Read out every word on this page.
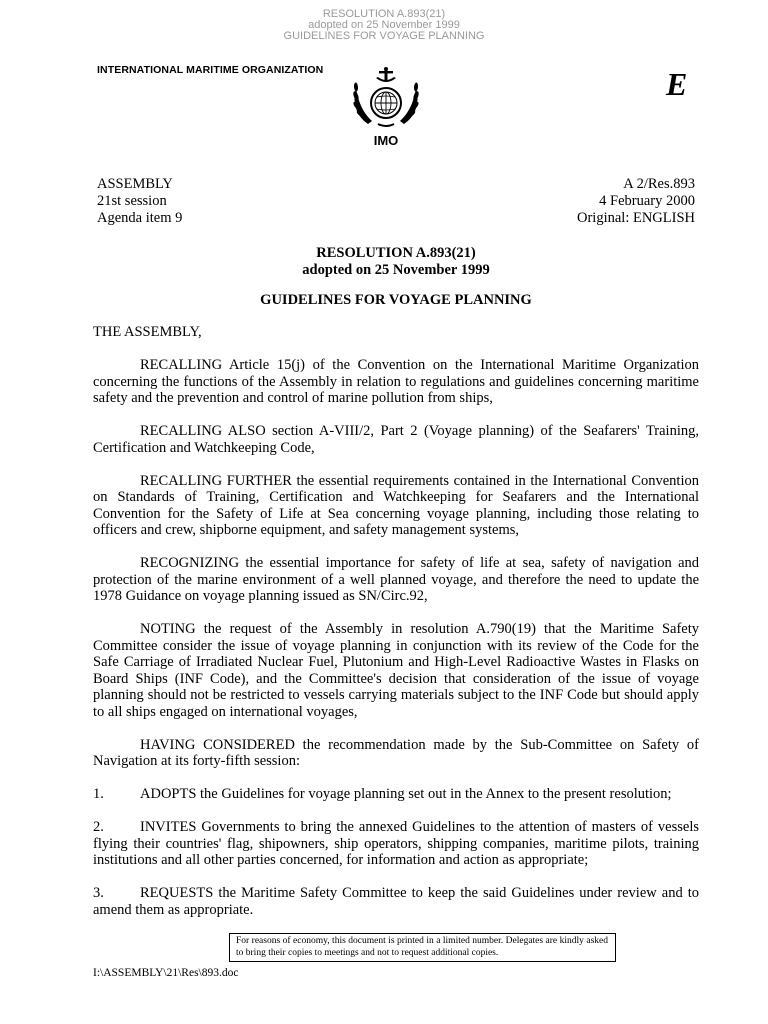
RESOLUTION A.893(21)
adopted on 25 November 1999
GUIDELINES FOR VOYAGE PLANNING
INTERNATIONAL MARITIME ORGANIZATION
IMO
E
ASSEMBLY
21st session
Agenda item 9
A 2/Res.893
4 February 2000
Original: ENGLISH
RESOLUTION A.893(21)
adopted on 25 November 1999
GUIDELINES FOR VOYAGE PLANNING

THE ASSEMBLY,

RECALLING Article 15(j) of the Convention on the International Maritime Organization concerning the functions of the Assembly in relation to regulations and guidelines concerning maritime safety and the prevention and control of marine pollution from ships,

RECALLING ALSO section A-VIII/2, Part 2 (Voyage planning) of the Seafarers' Training, Certification and Watchkeeping Code,

RECALLING FURTHER the essential requirements contained in the International Convention on Standards of Training, Certification and Watchkeeping for Seafarers and the International Convention for the Safety of Life at Sea concerning voyage planning, including those relating to officers and crew, shipborne equipment, and safety management systems,

RECOGNIZING the essential importance for safety of life at sea, safety of navigation and protection of the marine environment of a well planned voyage, and therefore the need to update the 1978 Guidance on voyage planning issued as SN/Circ.92,

NOTING the request of the Assembly in resolution A.790(19) that the Maritime Safety Committee consider the issue of voyage planning in conjunction with its review of the Code for the Safe Carriage of Irradiated Nuclear Fuel, Plutonium and High-Level Radioactive Wastes in Flasks on Board Ships (INF Code), and the Committee's decision that consideration of the issue of voyage planning should not be restricted to vessels carrying materials subject to the INF Code but should apply to all ships engaged on international voyages,

HAVING CONSIDERED the recommendation made by the Sub-Committee on Safety of Navigation at its forty-fifth session:

1. ADOPTS the Guidelines for voyage planning set out in the Annex to the present resolution;

2. INVITES Governments to bring the annexed Guidelines to the attention of masters of vessels flying their countries' flag, shipowners, ship operators, shipping companies, maritime pilots, training institutions and all other parties concerned, for information and action as appropriate;

3. REQUESTS the Maritime Safety Committee to keep the said Guidelines under review and to amend them as appropriate.

For reasons of economy, this document is printed in a limited number. Delegates are kindly asked to bring their copies to meetings and not to request additional copies.
I:\ASSEMBLY\21\Res\893.doc
